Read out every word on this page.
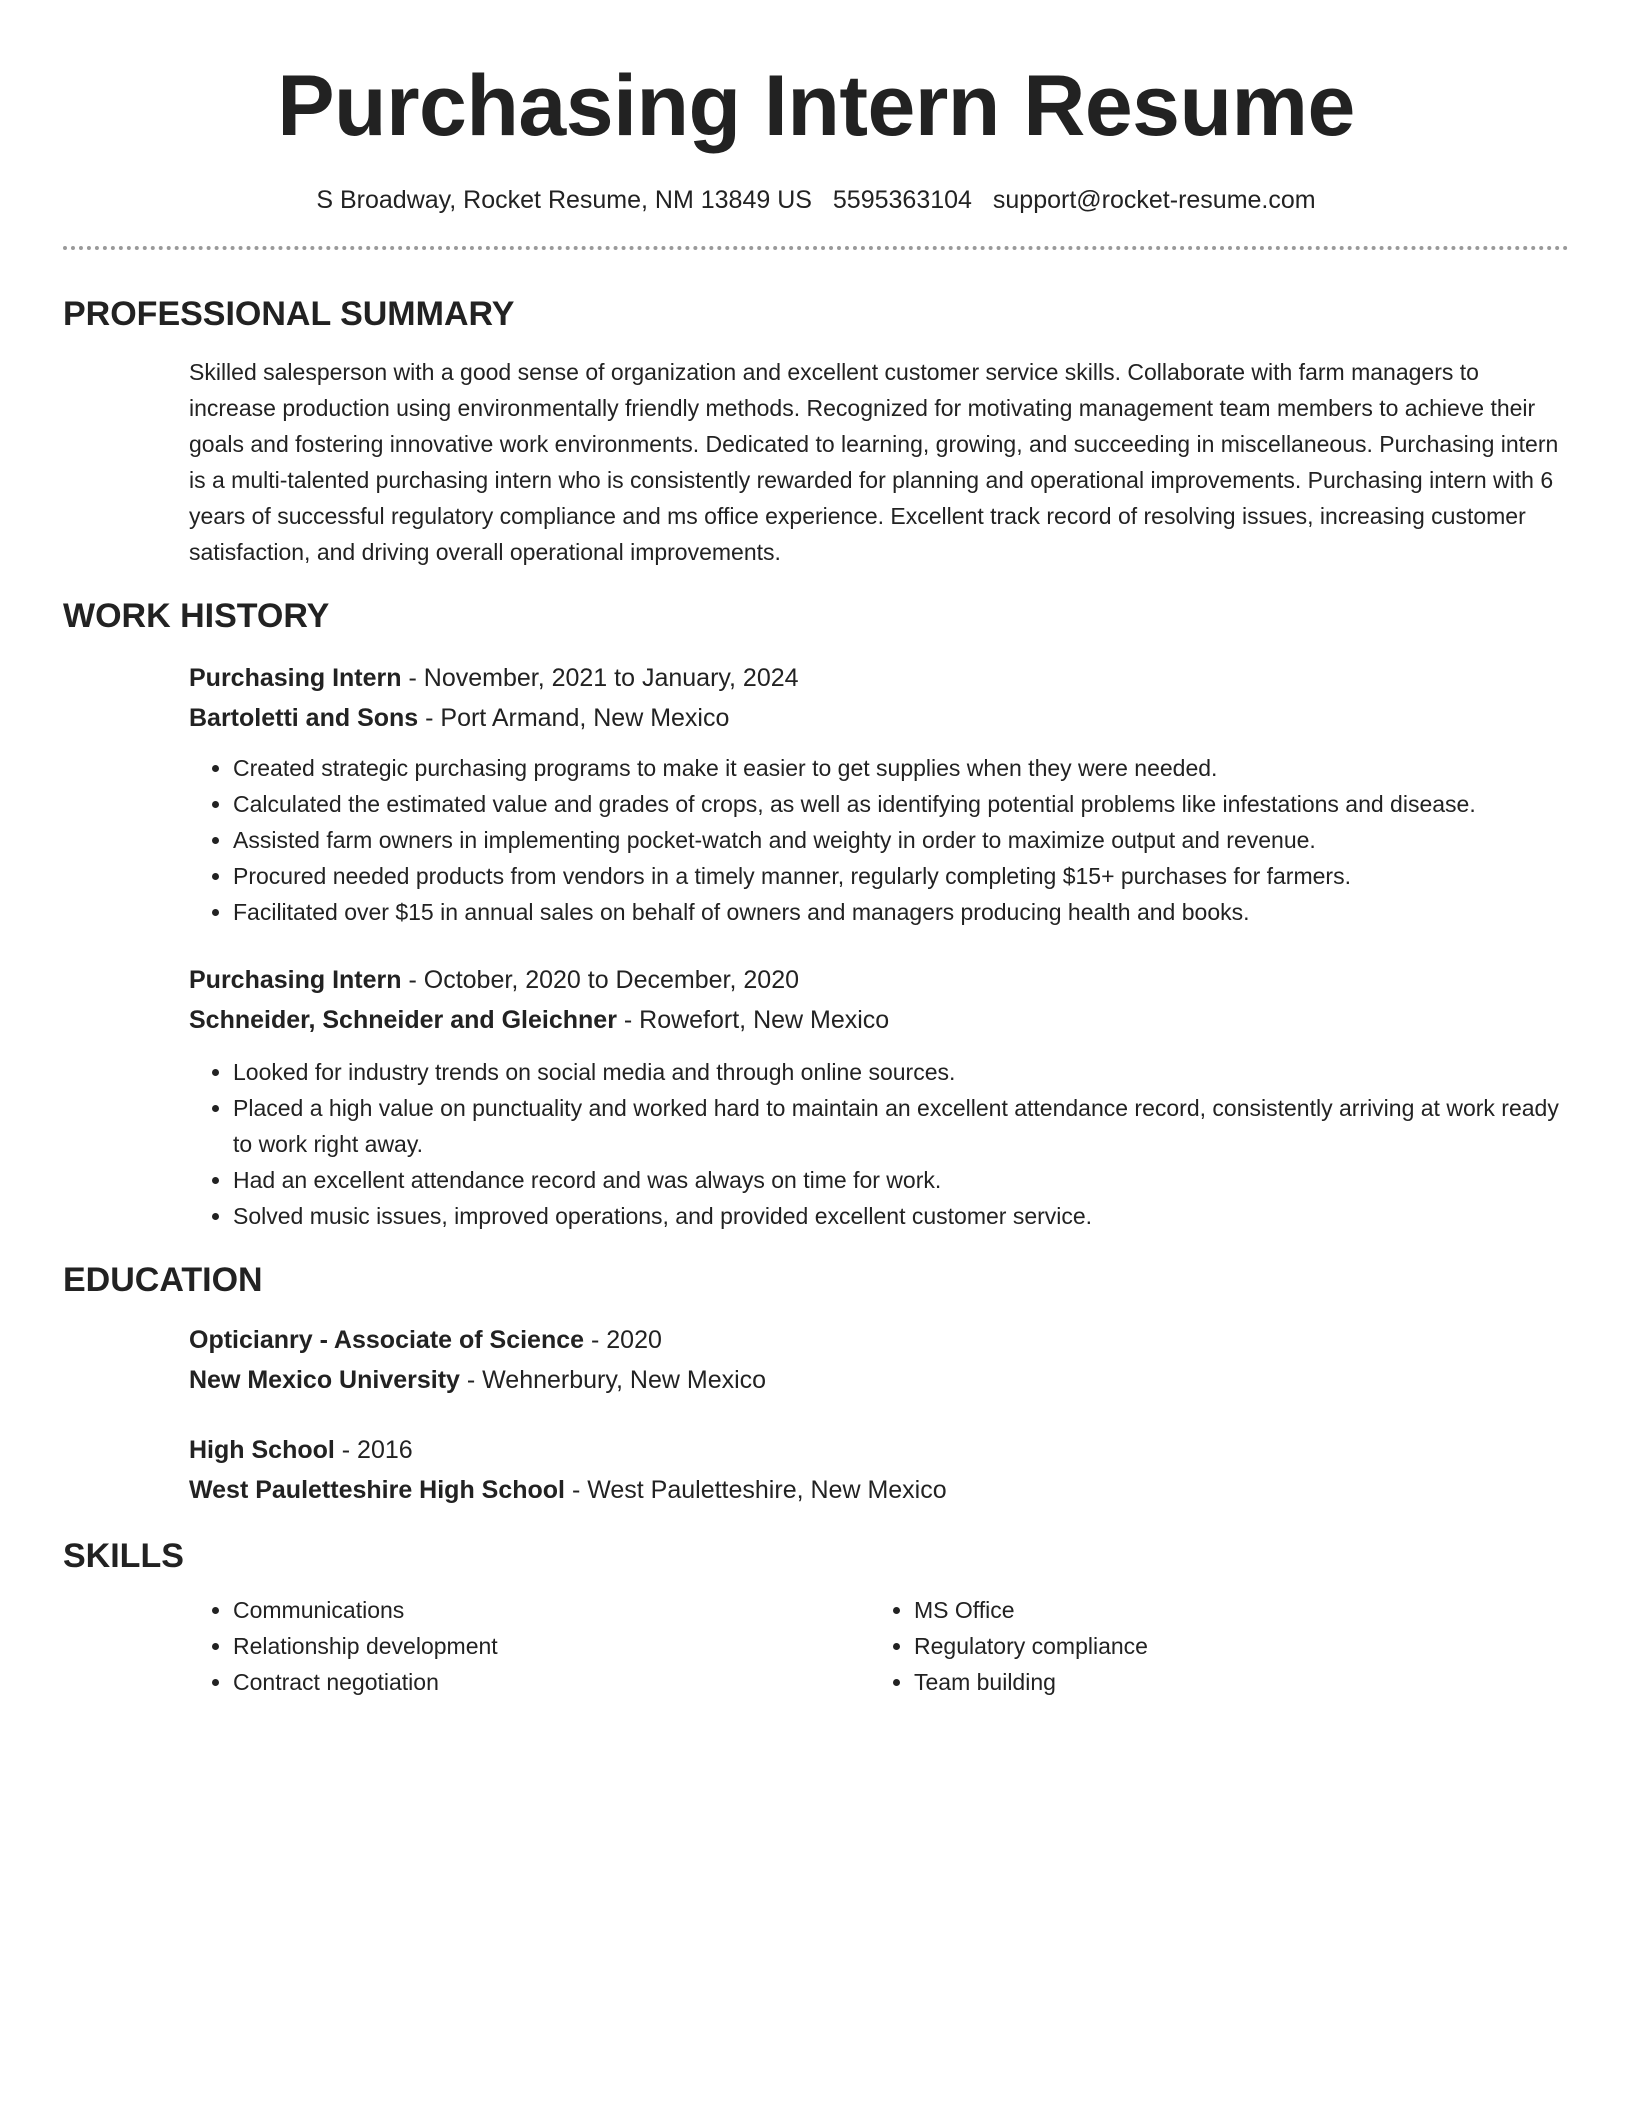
Purchasing Intern Resume
S Broadway, Rocket Resume, NM 13849 US 5595363104 support@rocket-resume.com
PROFESSIONAL SUMMARY

Skilled salesperson with a good sense of organization and excellent customer service skills. Collaborate with farm managers to increase production using environmentally friendly methods. Recognized for motivating management team members to achieve their goals and fostering innovative work environments. Dedicated to learning, growing, and succeeding in miscellaneous. Purchasing intern is a multi-talented purchasing intern who is consistently rewarded for planning and operational improvements. Purchasing intern with 6 years of successful regulatory compliance and ms office experience. Excellent track record of resolving issues, increasing customer satisfaction, and driving overall operational improvements.

WORK HISTORY

Purchasing Intern - November, 2021 to January, 2024

Bartoletti and Sons - Port Armand, New Mexico

• Created strategic purchasing programs to make it easier to get supplies when they were needed.
• Calculated the estimated value and grades of crops, as well as identifying potential problems like infestations and disease.
• Assisted farm owners in implementing pocket-watch and weighty in order to maximize output and revenue.
• Procured needed products from vendors in a timely manner, regularly completing $15+ purchases for farmers.
• Facilitated over $15 in annual sales on behalf of owners and managers producing health and books.

Purchasing Intern - October, 2020 to December, 2020

Schneider, Schneider and Gleichner - Rowefort, New Mexico

• Looked for industry trends on social media and through online sources.
• Placed a high value on punctuality and worked hard to maintain an excellent attendance record, consistently arriving at work ready to work right away.
• Had an excellent attendance record and was always on time for work.
• Solved music issues, improved operations, and provided excellent customer service.
EDUCATION

Opticianry - Associate of Science - 2020

New Mexico University - Wehnerbury, New Mexico

High School - 2016

West Pauletteshire High School - West Pauletteshire, New Mexico

SKILLS
• Communications
• Relationship development
• Contract negotiation
• MS Office
• Regulatory compliance
• Team building
